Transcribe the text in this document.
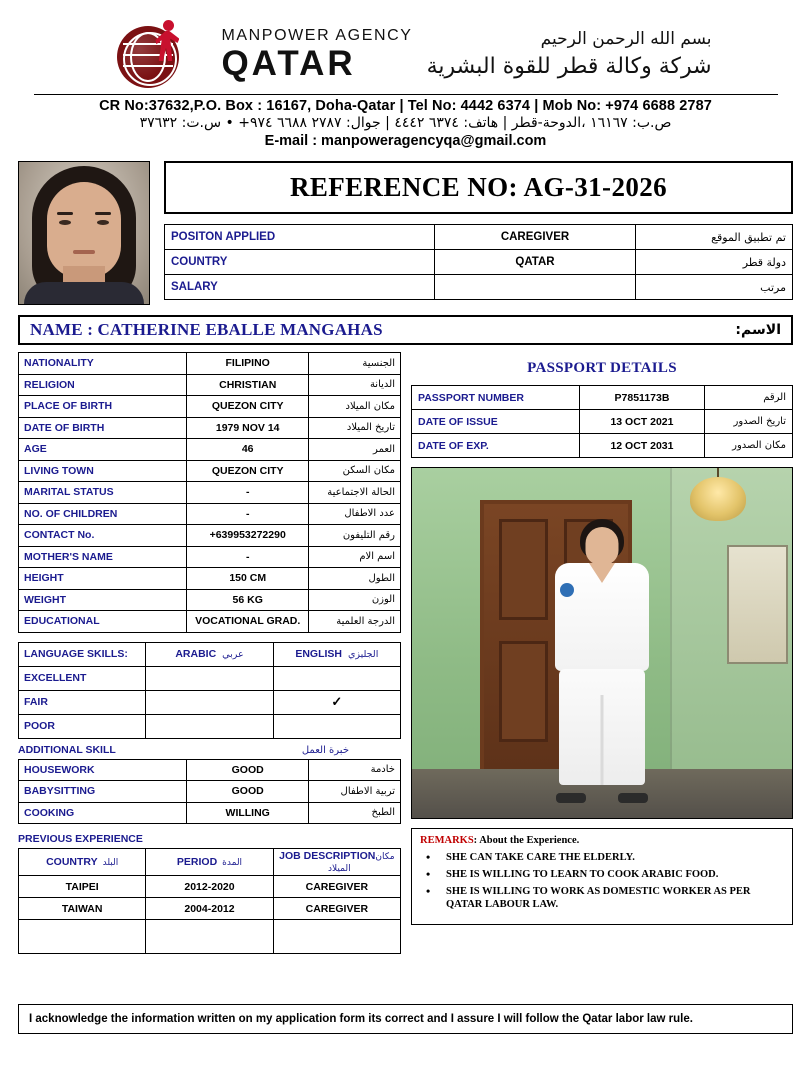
MANPOWER AGENCY
QATAR
بسم الله الرحمن الرحيم
شركة وكالة قطر للقوة البشرية
CR No:37632,P.O. Box : 16167, Doha-Qatar | Tel No: 4442 6374 | Mob No: +974 6688 2787
ص.ب: ١٦١٦٧ ،الدوحة-قطر | هاتف: ٦٣٧٤ ٤٤٤٢ | جوال: ٢٧٨٧ ٦٦٨٨ ٩٧٤+ • س.ت: ٣٧٦٣٢
E-mail : manpoweragencyqa@gmail.com
REFERENCE NO: AG-31-2026
POSITON APPLIED	CAREGIVER	تم تطبيق الموقع
COUNTRY	QATAR	دولة قطر
SALARY		مرتب
NAME : CATHERINE EBALLE MANGAHAS	الاسم:
NATIONALITY	FILIPINO	الجنسية
RELIGION	CHRISTIAN	الديانة
PLACE OF BIRTH	QUEZON CITY	مكان الميلاد
DATE OF BIRTH	1979 NOV 14	تاريخ الميلاد
AGE	46	العمر
LIVING TOWN	QUEZON CITY	مكان السكن
MARITAL STATUS	-	الحالة الاجتماعية
NO. OF CHILDREN	-	عدد الاطفال
CONTACT No.	+639953272290	رقم التليفون
MOTHER'S NAME	-	اسم الام
HEIGHT	150 CM	الطول
WEIGHT	56 KG	الوزن
EDUCATIONAL	VOCATIONAL GRAD.	الدرجة العلمية
LANGUAGE SKILLS:	ARABIC عربي	ENGLISH الجليزي
EXCELLENT		
FAIR		✓
POOR		
ADDITIONAL SKILL	خبرة العمل
HOUSEWORK	GOOD	خادمة
BABYSITTING	GOOD	تربية الاطفال
COOKING	WILLING	الطبخ
PREVIOUS EXPERIENCE
COUNTRY البلد	PERIOD المدة	JOB DESCRIPTIONمكان الميلاد
TAIPEI	2012-2020	CAREGIVER
TAIWAN	2004-2012	CAREGIVER

PASSPORT DETAILS
PASSPORT NUMBER	P7851173B	الرقم
DATE OF ISSUE	13 OCT 2021	تاريخ الصدور
DATE OF EXP.	12 OCT 2031	مكان الصدور
REMARKS: About the Experience.
• SHE CAN TAKE CARE THE ELDERLY.
• SHE IS WILLING TO LEARN TO COOK ARABIC FOOD.
• SHE IS WILLING TO WORK AS DOMESTIC WORKER AS PER QATAR LABOUR LAW.
I acknowledge the information written on my application form its correct and I assure I will follow the Qatar labor law rule.
